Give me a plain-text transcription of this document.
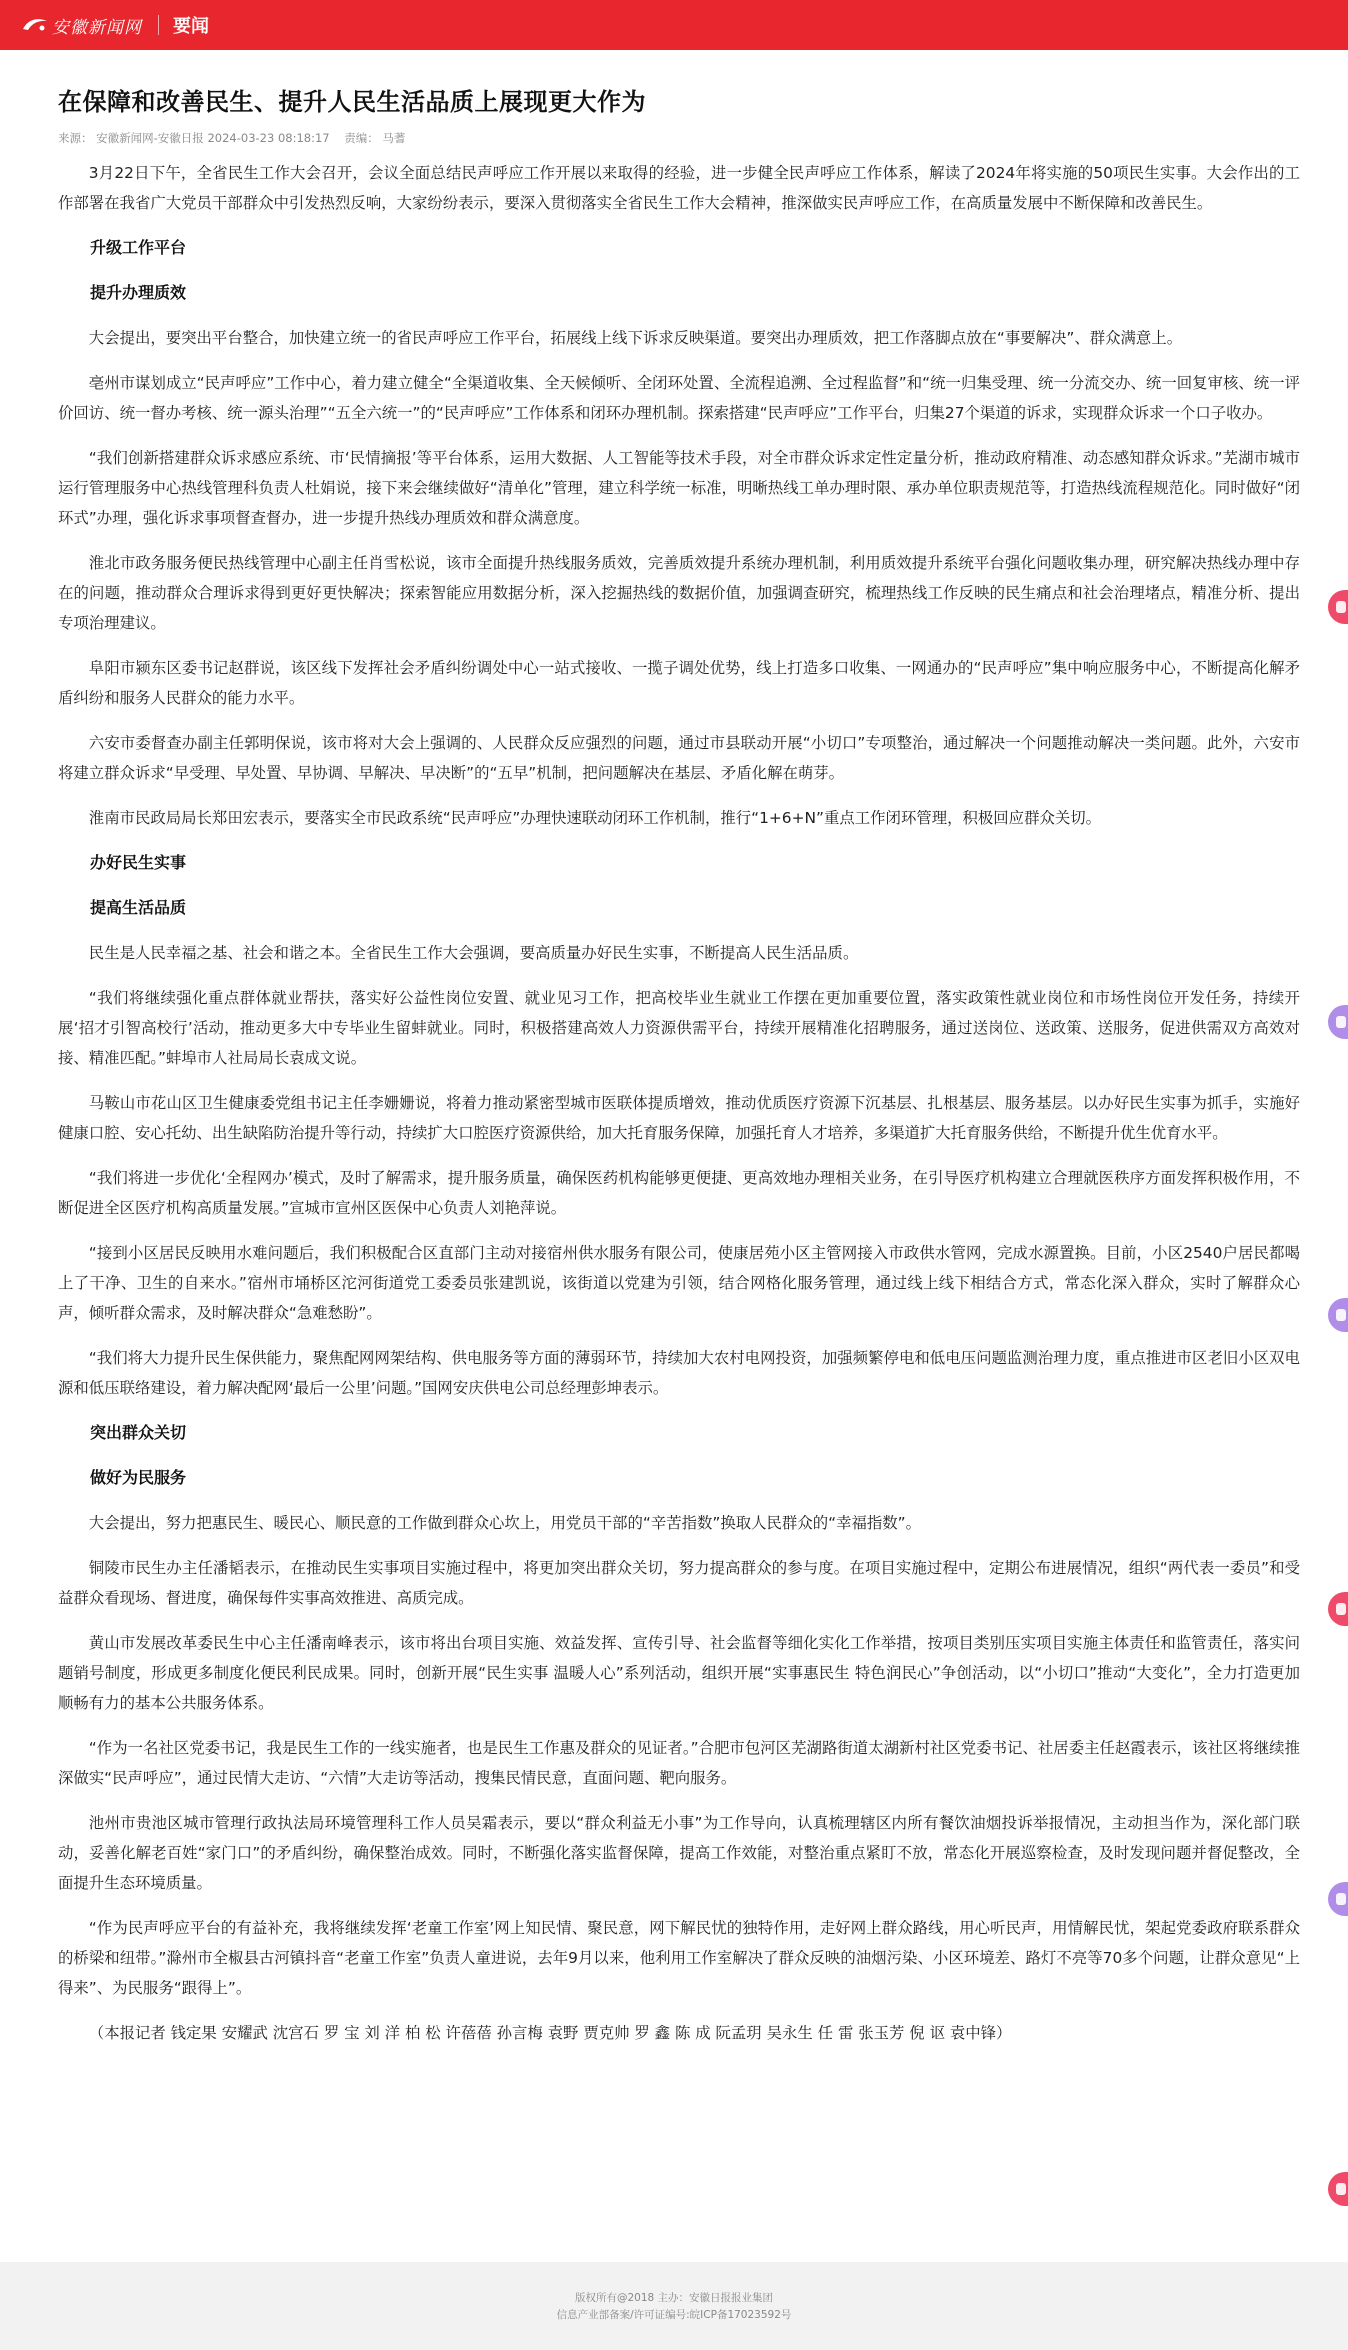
安徽新闻网 要闻
在保障和改善民生、提升人民生活品质上展现更大作为
来源： 安徽新闻网-安徽日报 2024-03-23 08:18:17
责编： 马蓍

3月22日下午，全省民生工作大会召开，会议全面总结民声呼应工作开展以来取得的经验，进一步健全民声呼应工作体系，解读了2024年将实施的50项民生实事。大会作出的工作部署在我省广大党员干部群众中引发热烈反响，大家纷纷表示，要深入贯彻落实全省民生工作大会精神，推深做实民声呼应工作，在高质量发展中不断保障和改善民生。

升级工作平台
提升办理质效

大会提出，要突出平台整合，加快建立统一的省民声呼应工作平台，拓展线上线下诉求反映渠道。要突出办理质效，把工作落脚点放在“事要解决”、群众满意上。

亳州市谋划成立“民声呼应”工作中心，着力建立健全“全渠道收集、全天候倾听、全闭环处置、全流程追溯、全过程监督”和“统一归集受理、统一分流交办、统一回复审核、统一评价回访、统一督办考核、统一源头治理”“五全六统一”的“民声呼应”工作体系和闭环办理机制。探索搭建“民声呼应”工作平台，归集27个渠道的诉求，实现群众诉求一个口子收办。

“我们创新搭建群众诉求感应系统、市‘民情摘报’等平台体系，运用大数据、人工智能等技术手段，对全市群众诉求定性定量分析，推动政府精准、动态感知群众诉求。”芜湖市城市运行管理服务中心热线管理科负责人杜娟说，接下来会继续做好“清单化”管理，建立科学统一标准，明晰热线工单办理时限、承办单位职责规范等，打造热线流程规范化。同时做好“闭环式”办理，强化诉求事项督查督办，进一步提升热线办理质效和群众满意度。

淮北市政务服务便民热线管理中心副主任肖雪松说，该市全面提升热线服务质效，完善质效提升系统办理机制，利用质效提升系统平台强化问题收集办理，研究解决热线办理中存在的问题，推动群众合理诉求得到更好更快解决；探索智能应用数据分析，深入挖掘热线的数据价值，加强调查研究，梳理热线工作反映的民生痛点和社会治理堵点，精准分析、提出专项治理建议。

阜阳市颍东区委书记赵群说，该区线下发挥社会矛盾纠纷调处中心一站式接收、一揽子调处优势，线上打造多口收集、一网通办的“民声呼应”集中响应服务中心，不断提高化解矛盾纠纷和服务人民群众的能力水平。

六安市委督查办副主任郭明保说，该市将对大会上强调的、人民群众反应强烈的问题，通过市县联动开展“小切口”专项整治，通过解决一个问题推动解决一类问题。此外，六安市将建立群众诉求“早受理、早处置、早协调、早解决、早决断”的“五早”机制，把问题解决在基层、矛盾化解在萌芽。

淮南市民政局局长郑田宏表示，要落实全市民政系统“民声呼应”办理快速联动闭环工作机制，推行“1+6+N”重点工作闭环管理，积极回应群众关切。

办好民生实事
提高生活品质

民生是人民幸福之基、社会和谐之本。全省民生工作大会强调，要高质量办好民生实事，不断提高人民生活品质。

“我们将继续强化重点群体就业帮扶，落实好公益性岗位安置、就业见习工作，把高校毕业生就业工作摆在更加重要位置，落实政策性就业岗位和市场性岗位开发任务，持续开展‘招才引智高校行’活动，推动更多大中专毕业生留蚌就业。同时，积极搭建高效人力资源供需平台，持续开展精准化招聘服务，通过送岗位、送政策、送服务，促进供需双方高效对接、精准匹配。”蚌埠市人社局局长袁成文说。

马鞍山市花山区卫生健康委党组书记主任李姗姗说，将着力推动紧密型城市医联体提质增效，推动优质医疗资源下沉基层、扎根基层、服务基层。以办好民生实事为抓手，实施好健康口腔、安心托幼、出生缺陷防治提升等行动，持续扩大口腔医疗资源供给，加大托育服务保障，加强托育人才培养，多渠道扩大托育服务供给，不断提升优生优育水平。

“我们将进一步优化‘全程网办’模式，及时了解需求，提升服务质量，确保医药机构能够更便捷、更高效地办理相关业务，在引导医疗机构建立合理就医秩序方面发挥积极作用，不断促进全区医疗机构高质量发展。”宣城市宣州区医保中心负责人刘艳萍说。

“接到小区居民反映用水难问题后，我们积极配合区直部门主动对接宿州供水服务有限公司，使康居苑小区主管网接入市政供水管网，完成水源置换。目前，小区2540户居民都喝上了干净、卫生的自来水。”宿州市埇桥区沱河街道党工委委员张建凯说，该街道以党建为引领，结合网格化服务管理，通过线上线下相结合方式，常态化深入群众，实时了解群众心声，倾听群众需求，及时解决群众“急难愁盼”。

“我们将大力提升民生保供能力，聚焦配网网架结构、供电服务等方面的薄弱环节，持续加大农村电网投资，加强频繁停电和低电压问题监测治理力度，重点推进市区老旧小区双电源和低压联络建设，着力解决配网‘最后一公里’问题。”国网安庆供电公司总经理彭坤表示。

突出群众关切
做好为民服务

大会提出，努力把惠民生、暖民心、顺民意的工作做到群众心坎上，用党员干部的“辛苦指数”换取人民群众的“幸福指数”。

铜陵市民生办主任潘韬表示，在推动民生实事项目实施过程中，将更加突出群众关切，努力提高群众的参与度。在项目实施过程中，定期公布进展情况，组织“两代表一委员”和受益群众看现场、督进度，确保每件实事高效推进、高质完成。

黄山市发展改革委民生中心主任潘南峰表示，该市将出台项目实施、效益发挥、宣传引导、社会监督等细化实化工作举措，按项目类别压实项目实施主体责任和监管责任，落实问题销号制度，形成更多制度化便民利民成果。同时，创新开展“民生实事 温暖人心”系列活动，组织开展“实事惠民生 特色润民心”争创活动，以“小切口”推动“大变化”，全力打造更加顺畅有力的基本公共服务体系。

“作为一名社区党委书记，我是民生工作的一线实施者，也是民生工作惠及群众的见证者。”合肥市包河区芜湖路街道太湖新村社区党委书记、社居委主任赵霞表示，该社区将继续推深做实“民声呼应”，通过民情大走访、“六情”大走访等活动，搜集民情民意，直面问题、靶向服务。

池州市贵池区城市管理行政执法局环境管理科工作人员吴霜表示，要以“群众利益无小事”为工作导向，认真梳理辖区内所有餐饮油烟投诉举报情况，主动担当作为，深化部门联动，妥善化解老百姓“家门口”的矛盾纠纷，确保整治成效。同时，不断强化落实监督保障，提高工作效能，对整治重点紧盯不放，常态化开展巡察检查，及时发现问题并督促整改，全面提升生态环境质量。

“作为民声呼应平台的有益补充，我将继续发挥‘老童工作室’网上知民情、聚民意，网下解民忧的独特作用，走好网上群众路线，用心听民声，用情解民忧，架起党委政府联系群众的桥梁和纽带。”滁州市全椒县古河镇抖音“老童工作室”负责人童进说，去年9月以来，他利用工作室解决了群众反映的油烟污染、小区环境差、路灯不亮等70多个问题，让群众意见“上得来”、为民服务“跟得上”。

（本报记者 钱定果 安耀武 沈宫石 罗 宝 刘 洋 柏 松 许蓓蓓 孙言梅 袁野 贾克帅 罗 鑫 陈 成 阮孟玥 吴永生 任 雷 张玉芳 倪 讴 袁中锋）

版权所有@2018 主办：安徽日报报业集团
信息产业部备案/许可证编号:皖ICP备17023592号
